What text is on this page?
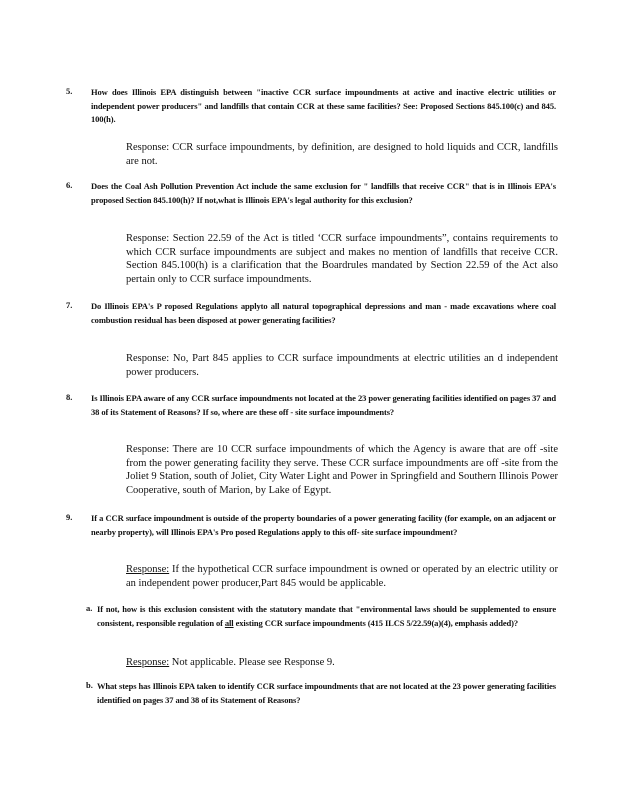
5. How does Illinois EPA distinguish between "inactive CCR surface impoundments at active and inactive electric utilities or independent power producers" and landfills that contain CCR at these same facilities? See: Proposed Sections 845.100(c) and 845. 100(h).
Response: CCR surface impoundments, by definition, are designed to hold liquids and CCR, landfills are not.
6. Does the Coal Ash Pollution Prevention Act include the same exclusion for " landfills that receive CCR" that is in Illinois EPA's proposed Section 845.100(h)? If not,what is Illinois EPA's legal authority for this exclusion?
Response: Section 22.59 of the Act is titled ‘CCR surface impoundments”, contains requirements to which CCR surface impoundments are subject and makes no mention of landfills that receive CCR. Section 845.100(h) is a clarification that the Boardrules mandated by Section 22.59 of the Act also pertain only to CCR surface impoundments.
7. Do Illinois EPA's P roposed Regulations applyto all natural topographical depressions and man - made excavations where coal combustion residual has been disposed at power generating facilities?
Response: No, Part 845 applies to CCR surface impoundments at electric utilities an d independent power producers.
8. Is Illinois EPA aware of any CCR surface impoundments not located at the 23 power generating facilities identified on pages 37 and 38 of its Statement of Reasons? If so, where are these off - site surface impoundments?
Response: There are 10 CCR surface impoundments of which the Agency is aware that are off -site from the power generating facility they serve. These CCR surface impoundments are off -site from the Joliet 9 Station, south of Joliet, City Water Light and Power in Springfield and Southern Illinois Power Cooperative, south of Marion, by Lake of Egypt.
9. If a CCR surface impoundment is outside of the property boundaries of a power generating facility (for example, on an adjacent or nearby property), will Illinois EPA's Pro posed Regulations apply to this off- site surface impoundment?
Response: If the hypothetical CCR surface impoundment is owned or operated by an electric utility or an independent power producer,Part 845 would be applicable.
a. If not, how is this exclusion consistent with the statutory mandate that "environmental laws should be supplemented to ensure consistent, responsible regulation of all existing CCR surface impoundments (415 ILCS 5/22.59(a)(4), emphasis added)?
Response: Not applicable. Please see Response 9.
b. What steps has Illinois EPA taken to identify CCR surface impoundments that are not located at the 23 power generating facilities identified on pages 37 and 38 of its Statement of Reasons?
